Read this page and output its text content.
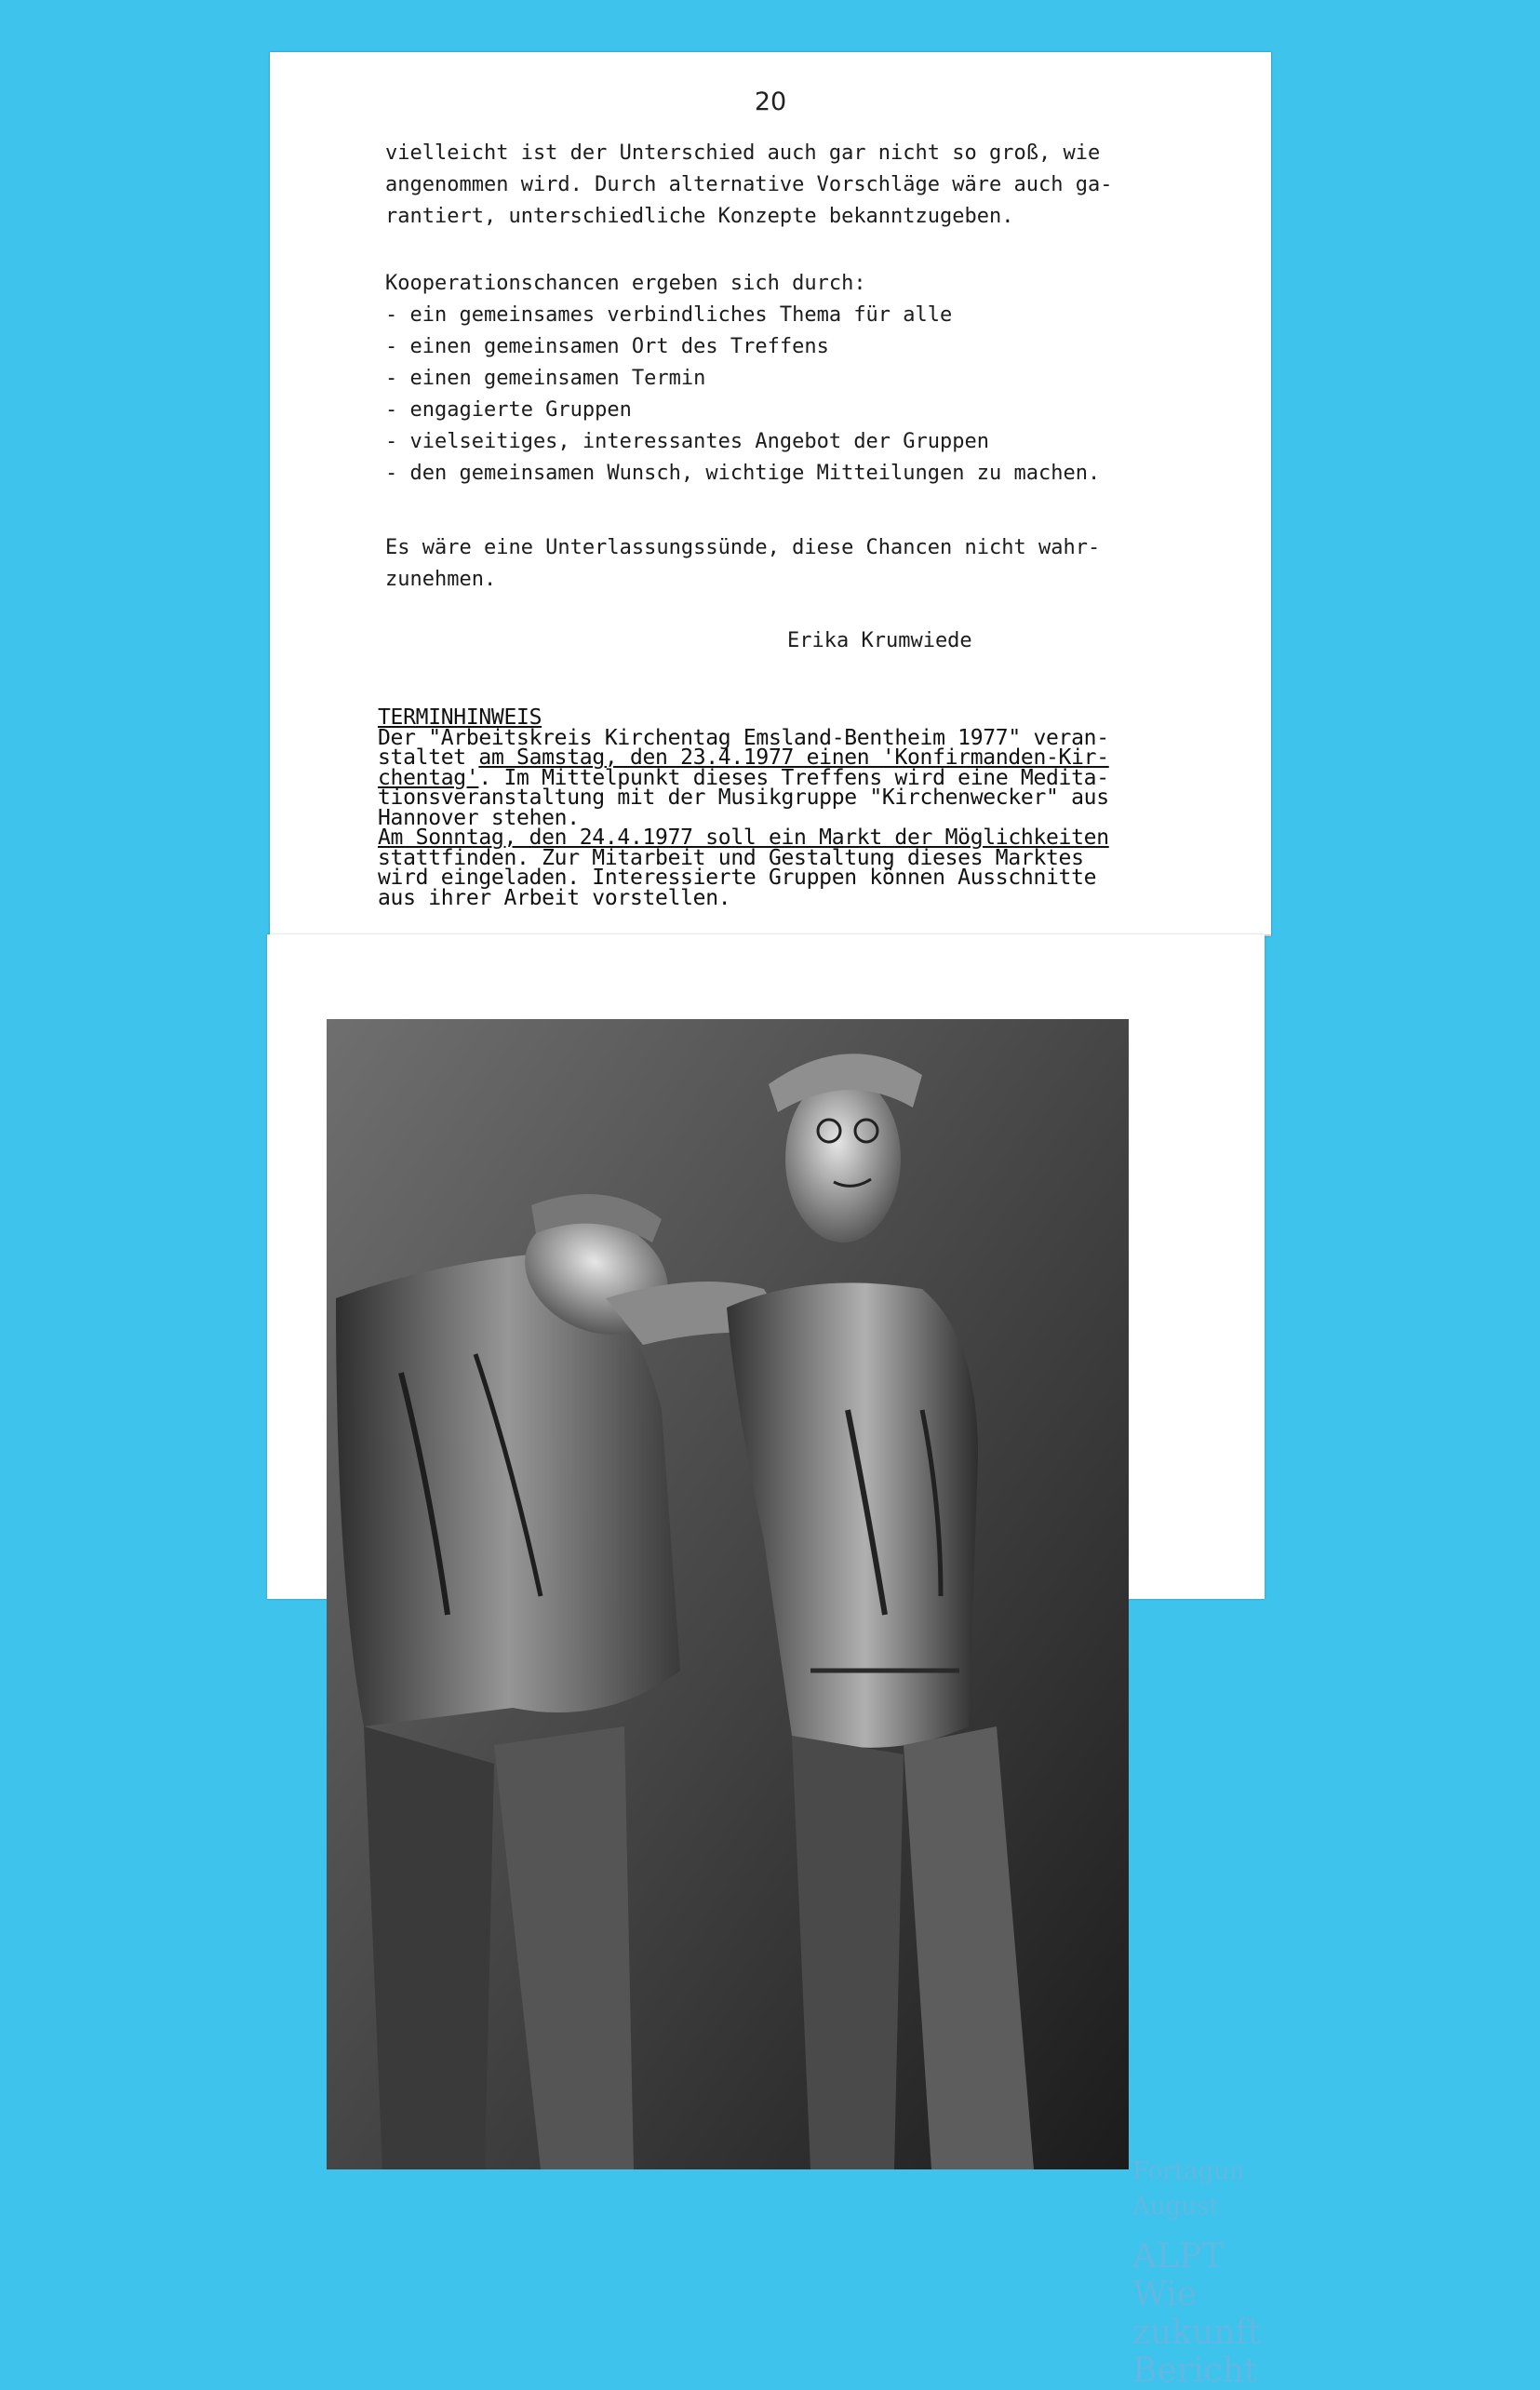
20
vielleicht ist der Unterschied auch gar nicht so groß, wie
angenommen wird. Durch alternative Vorschläge wäre auch ga-
rantiert, unterschiedliche Konzepte bekanntzugeben.
Kooperationschancen ergeben sich durch:
- ein gemeinsames verbindliches Thema für alle
- einen gemeinsamen Ort des Treffens
- einen gemeinsamen Termin
- engagierte Gruppen
- vielseitiges, interessantes Angebot der Gruppen
- den gemeinsamen Wunsch, wichtige Mitteilungen zu machen.
Es wäre eine Unterlassungssünde, diese Chancen nicht wahr-
zunehmen.
Erika Krumwiede
TERMINHINWEIS
Der "Arbeitskreis Kirchentag Emsland-Bentheim 1977" veran-
staltet am Samstag, den 23.4.1977 einen 'Konfirmanden-Kir-
chentag'. Im Mittelpunkt dieses Treffens wird eine Medita-
tionsveranstaltung mit der Musikgruppe "Kirchenwecker" aus
Hannover stehen.
Am Sonntag, den 24.4.1977 soll ein Markt der Möglichkeiten
stattfinden. Zur Mitarbeit und Gestaltung dieses Marktes
wird eingeladen. Interessierte Gruppen können Ausschnitte
aus ihrer Arbeit vorstellen.
Fortagun
August
ALPT
Wie
zukunft
Bericht
